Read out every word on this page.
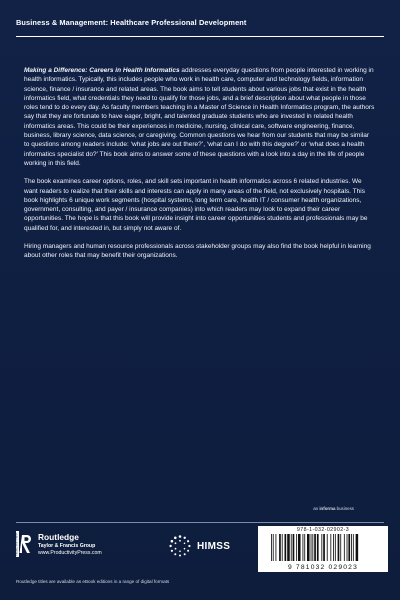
Business & Management: Healthcare Professional Development

Making a Difference: Careers in Health Informatics addresses everyday questions from people interested in working in health informatics. Typically, this includes people who work in health care, computer and technology fields, information science, finance / insurance and related areas. The book aims to tell students about various jobs that exist in the health informatics field, what credentials they need to qualify for those jobs, and a brief description about what people in those roles tend to do every day. As faculty members teaching in a Master of Science in Health Informatics program, the authors say that they are fortunate to have eager, bright, and talented graduate students who are invested in related health informatics areas. This could be their experiences in medicine, nursing, clinical care, software engineering, finance, business, library science, data science, or caregiving. Common questions we hear from our students that may be similar to questions among readers include: ‘what jobs are out there?’, ‘what can I do with this degree?’ or ‘what does a health informatics specialist do?’ This book aims to answer some of these questions with a look into a day in the life of people working in this field.

The book examines career options, roles, and skill sets important in health informatics across 6 related industries. We want readers to realize that their skills and interests can apply in many areas of the field, not exclusively hospitals. This book highlights 6 unique work segments (hospital systems, long term care, health IT / consumer health organizations, government, consulting, and payer / insurance companies) into which readers may look to expand their career opportunities. The hope is that this book will provide insight into career opportunities students and professionals may be qualified for, and interested in, but simply not aware of.

Hiring managers and human resource professionals across stakeholder groups may also find the book helpful in learning about other roles that may benefit their organizations.

an informa business
PRODUCTIVITY PRESS Routledge
Taylor & Francis Group
www.ProductivityPress.com
HIMSS
978-1-032-02902-3
9 781032 029023
Routledge titles are available as eBook editions in a range of digital formats
